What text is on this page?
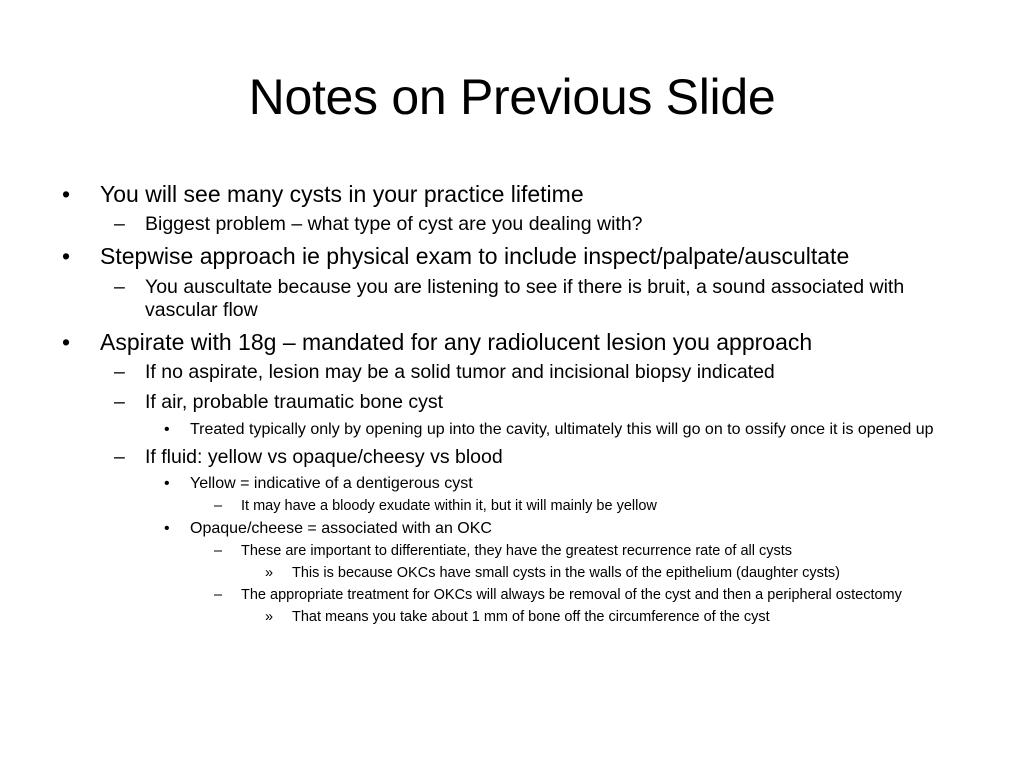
Notes on Previous Slide
• You will see many cysts in your practice lifetime
– Biggest problem – what type of cyst are you dealing with?
• Stepwise approach ie physical exam to include inspect/palpate/auscultate
– You auscultate because you are listening to see if there is bruit, a sound associated with vascular flow
• Aspirate with 18g – mandated for any radiolucent lesion you approach
– If no aspirate, lesion may be a solid tumor and incisional biopsy indicated
– If air, probable traumatic bone cyst
• Treated typically only by opening up into the cavity, ultimately this will go on to ossify once it is opened up
– If fluid: yellow vs opaque/cheesy vs blood
• Yellow = indicative of a dentigerous cyst
– It may have a bloody exudate within it, but it will mainly be yellow
• Opaque/cheese = associated with an OKC
– These are important to differentiate, they have the greatest recurrence rate of all cysts
» This is because OKCs have small cysts in the walls of the epithelium (daughter cysts)
– The appropriate treatment for OKCs will always be removal of the cyst and then a peripheral ostectomy
» That means you take about 1 mm of bone off the circumference of the cyst
